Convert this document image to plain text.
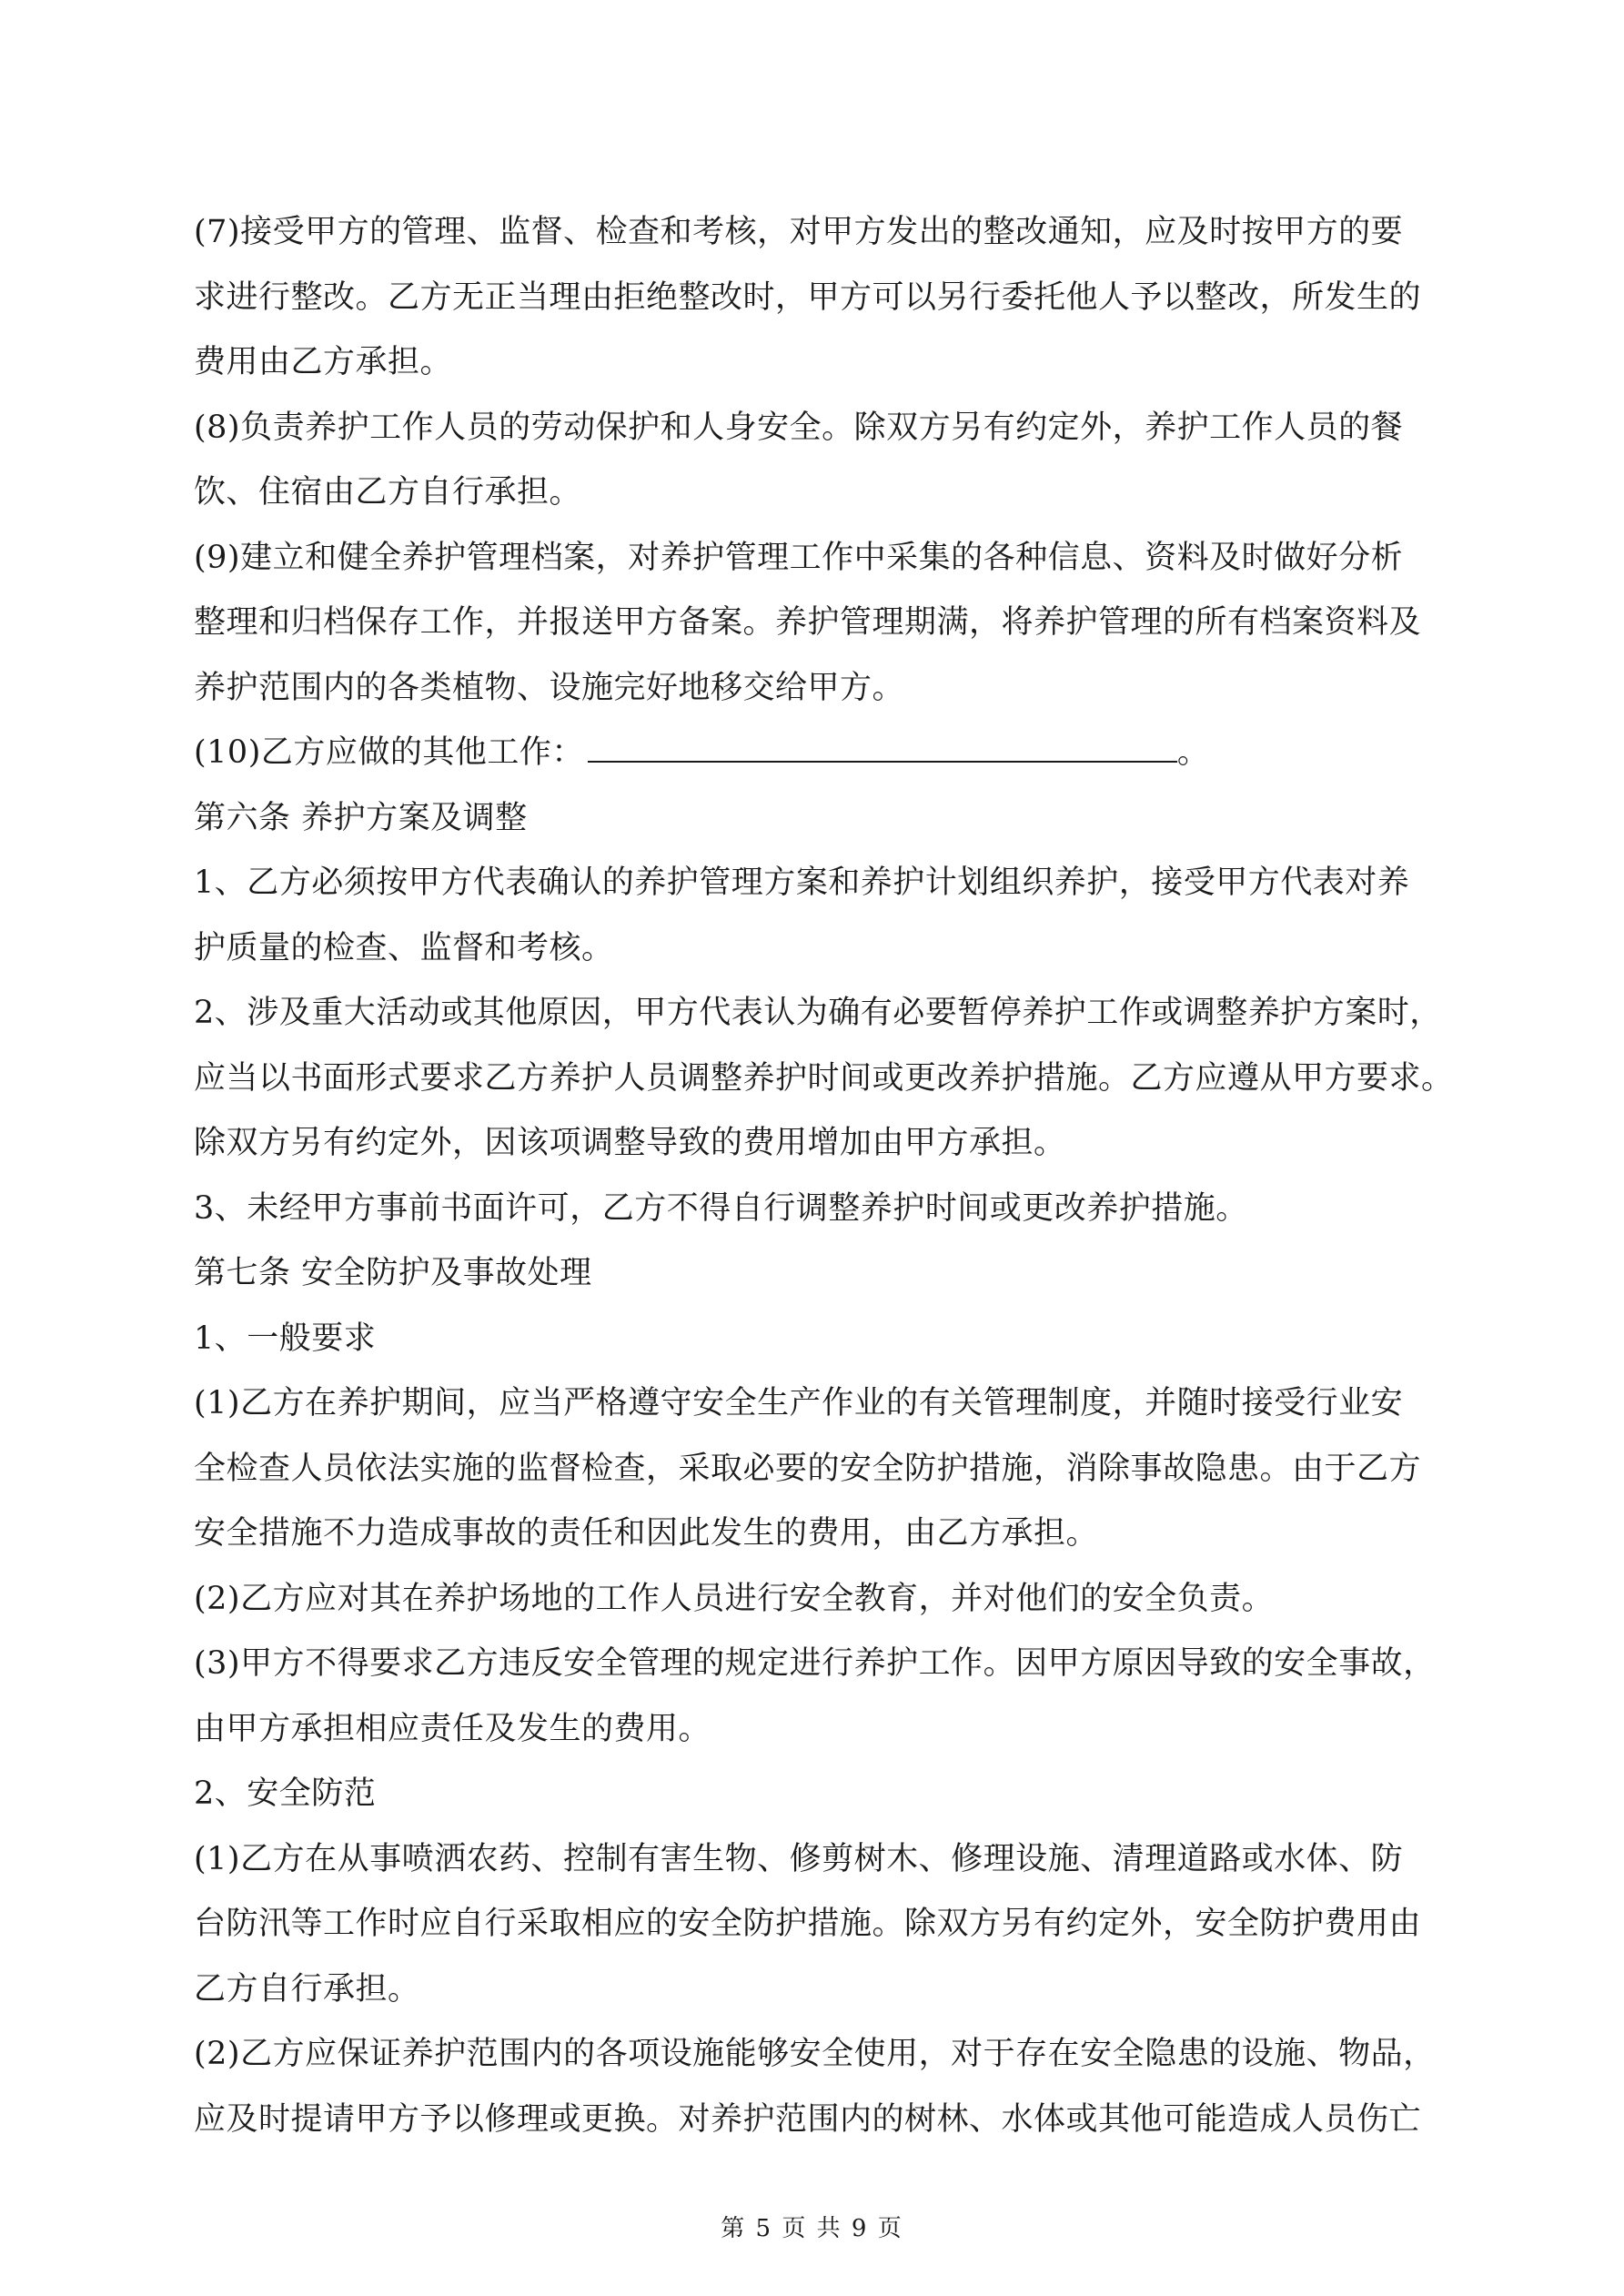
(7)接受甲方的管理、监督、检查和考核，对甲方发出的整改通知，应及时按甲方的要
求进行整改。乙方无正当理由拒绝整改时，甲方可以另行委托他人予以整改，所发生的
费用由乙方承担。
(8)负责养护工作人员的劳动保护和人身安全。除双方另有约定外，养护工作人员的餐
饮、住宿由乙方自行承担。
(9)建立和健全养护管理档案，对养护管理工作中采集的各种信息、资料及时做好分析
整理和归档保存工作，并报送甲方备案。养护管理期满，将养护管理的所有档案资料及
养护范围内的各类植物、设施完好地移交给甲方。
(10)乙方应做的其他工作：	。
第六条 养护方案及调整
1、乙方必须按甲方代表确认的养护管理方案和养护计划组织养护，接受甲方代表对养
护质量的检查、监督和考核。
2、涉及重大活动或其他原因，甲方代表认为确有必要暂停养护工作或调整养护方案时，
应当以书面形式要求乙方养护人员调整养护时间或更改养护措施。乙方应遵从甲方要求。
除双方另有约定外，因该项调整导致的费用增加由甲方承担。
3、未经甲方事前书面许可，乙方不得自行调整养护时间或更改养护措施。
第七条 安全防护及事故处理
1、一般要求
(1)乙方在养护期间，应当严格遵守安全生产作业的有关管理制度，并随时接受行业安
全检查人员依法实施的监督检查，采取必要的安全防护措施，消除事故隐患。由于乙方
安全措施不力造成事故的责任和因此发生的费用，由乙方承担。
(2)乙方应对其在养护场地的工作人员进行安全教育，并对他们的安全负责。
(3)甲方不得要求乙方违反安全管理的规定进行养护工作。因甲方原因导致的安全事故，
由甲方承担相应责任及发生的费用。
2、安全防范
(1)乙方在从事喷洒农药、控制有害生物、修剪树木、修理设施、清理道路或水体、防
台防汛等工作时应自行采取相应的安全防护措施。除双方另有约定外，安全防护费用由
乙方自行承担。
(2)乙方应保证养护范围内的各项设施能够安全使用，对于存在安全隐患的设施、物品，
应及时提请甲方予以修理或更换。对养护范围内的树林、水体或其他可能造成人员伤亡
第 5 页 共 9 页
